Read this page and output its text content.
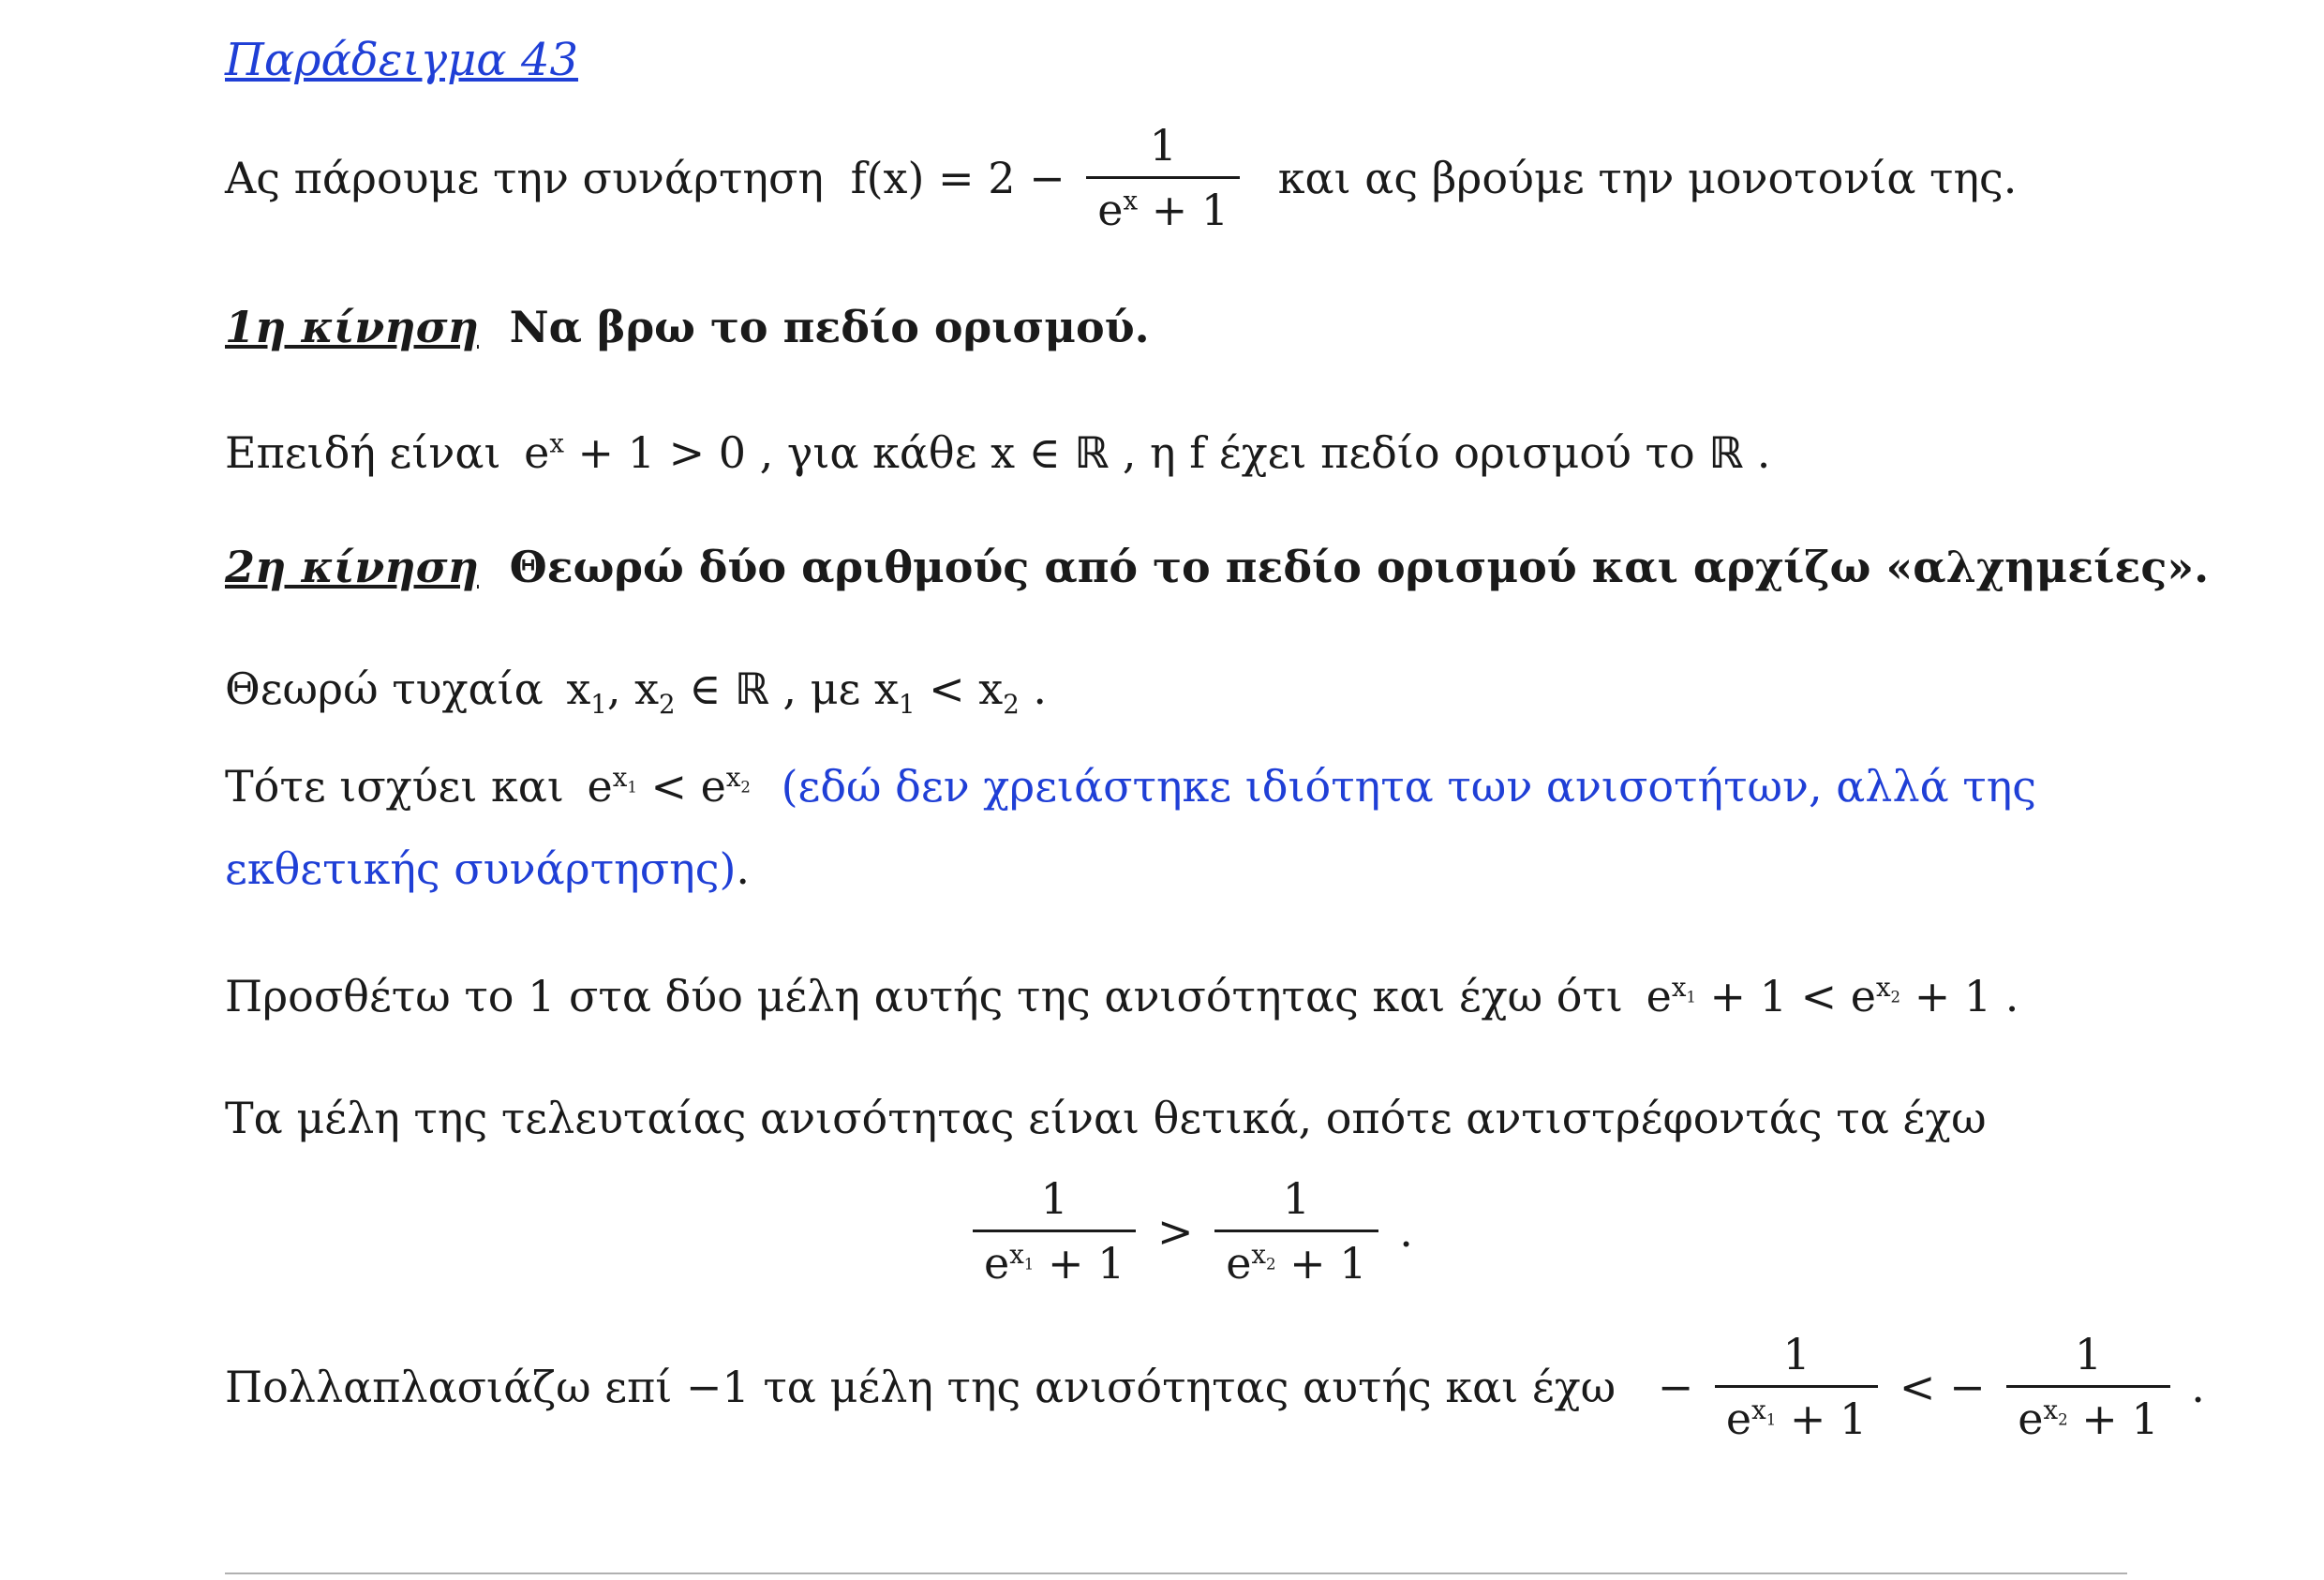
Παράδειγμα 43
Ας πάρουμε την συνάρτηση $f(x) = 2 - \frac{1}{e^x + 1}$ και ας βρούμε την μονοτονία της.
1η κίνηση Να βρω το πεδίο ορισμού.
Επειδή είναι $e^x + 1 > 0$ , για κάθε x ∈ ℝ , η f έχει πεδίο ορισμού το ℝ .
2η κίνηση Θεωρώ δύο αριθμούς από το πεδίο ορισμού και αρχίζω «αλχημείες».
Θεωρώ τυχαία $x_1$, $x_2$ ∈ ℝ , με $x_1 < x_2$ .
Τότε ισχύει και $e^{x_1} < e^{x_2}$ (εδώ δεν χρειάστηκε ιδιότητα των ανισοτήτων, αλλά της
εκθετικής συνάρτησης).
Προσθέτω το 1 στα δύο μέλη αυτής της ανισότητας και έχω ότι $e^{x_1} + 1 < e^{x_2} + 1$ .
Τα μέλη της τελευταίας ανισότητας είναι θετικά, οπότε αντιστρέφοντάς τα έχω
$\frac{1}{e^{x_1} + 1} > \frac{1}{e^{x_2} + 1}$ .
Πολλαπλασιάζω επί −1 τα μέλη της ανισότητας αυτής και $έ\chi\omega - \frac{1}{e^{x_1} + 1}$ < − $\frac{1}{e^{x_2} + 1}$ .
